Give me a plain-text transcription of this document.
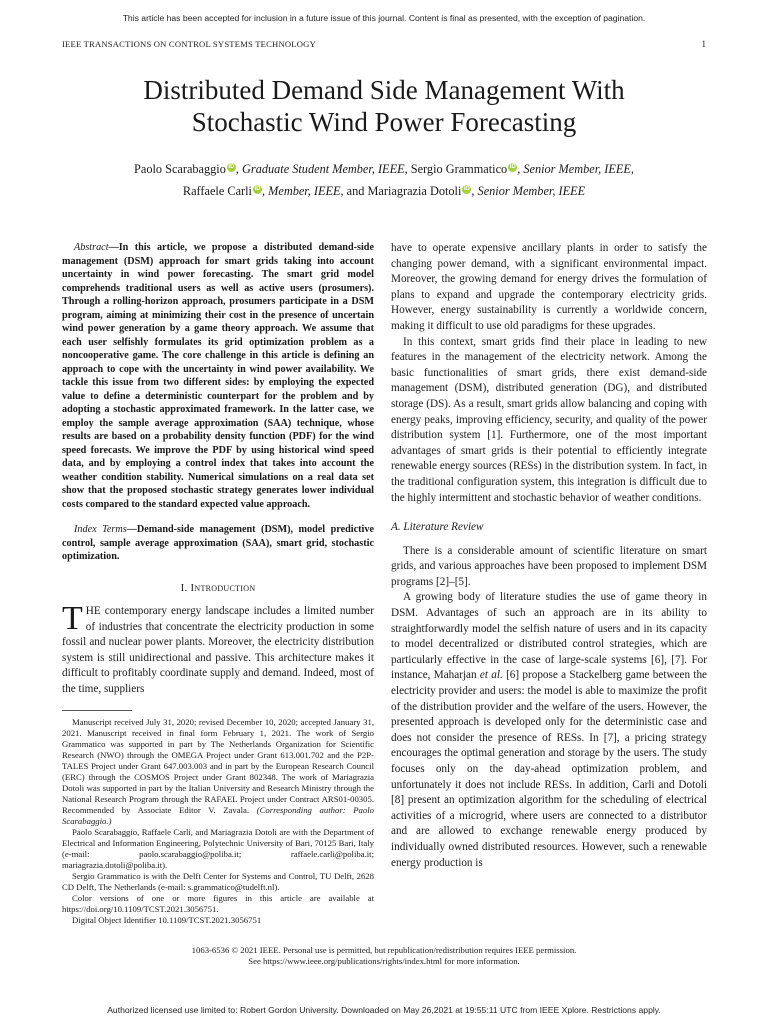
This article has been accepted for inclusion in a future issue of this journal. Content is final as presented, with the exception of pagination.
IEEE TRANSACTIONS ON CONTROL SYSTEMS TECHNOLOGY	1
Distributed Demand Side Management With
Stochastic Wind Power Forecasting
Paolo Scarabaggio iD , Graduate Student Member, IEEE, Sergio Grammatico iD , Senior Member, IEEE,
Raffaele Carli iD , Member, IEEE, and Mariagrazia Dotoli iD , Senior Member, IEEE

Abstract—In this article, we propose a distributed demand-side management (DSM) approach for smart grids taking into account uncertainty in wind power forecasting. The smart grid model comprehends traditional users as well as active users (prosumers). Through a rolling-horizon approach, prosumers participate in a DSM program, aiming at minimizing their cost in the presence of uncertain wind power generation by a game theory approach. We assume that each user selfishly formulates its grid optimization problem as a noncooperative game. The core challenge in this article is defining an approach to cope with the uncertainty in wind power availability. We tackle this issue from two different sides: by employing the expected value to define a deterministic counterpart for the problem and by adopting a stochastic approximated framework. In the latter case, we employ the sample average approximation (SAA) technique, whose results are based on a probability density function (PDF) for the wind speed forecasts. We improve the PDF by using historical wind speed data, and by employing a control index that takes into account the weather condition stability. Numerical simulations on a real data set show that the proposed stochastic strategy generates lower individual costs compared to the standard expected value approach.

Index Terms—Demand-side management (DSM), model predictive control, sample average approximation (SAA), smart grid, stochastic optimization.

I. Introduction

THE contemporary energy landscape includes a limited number of industries that concentrate the electricity production in some fossil and nuclear power plants. Moreover, the electricity distribution system is still unidirectional and passive. This architecture makes it difficult to profitably coordinate supply and demand. Indeed, most of the time, suppliers

Manuscript received July 31, 2020; revised December 10, 2020; accepted January 31, 2021. Manuscript received in final form February 1, 2021. The work of Sergio Grammatico was supported in part by The Netherlands Organization for Scientific Research (NWO) through the OMEGA Project under Grant 613.001.702 and the P2P-TALES Project under Grant 647.003.003 and in part by the European Research Council (ERC) through the COSMOS Project under Grant 802348. The work of Mariagrazia Dotoli was supported in part by the Italian University and Research Ministry through the National Research Program through the RAFAEL Project under Contract ARS01-00305. Recommended by Associate Editor V. Zavala. (Corresponding author: Paolo Scarabaggio.)

Paolo Scarabaggio, Raffaele Carli, and Mariagrazia Dotoli are with the Department of Electrical and Information Engineering, Polytechnic University of Bari, 70125 Bari, Italy (e-mail: paolo.scarabaggio@poliba.it; raffaele.carli@poliba.it; mariagrazia.dotoli@poliba.it).

Sergio Grammatico is with the Delft Center for Systems and Control, TU Delft, 2628 CD Delft, The Netherlands (e-mail: s.grammatico@tudelft.nl).

Color versions of one or more figures in this article are available at https://doi.org/10.1109/TCST.2021.3056751.

Digital Object Identifier 10.1109/TCST.2021.3056751

have to operate expensive ancillary plants in order to satisfy the changing power demand, with a significant environmental impact. Moreover, the growing demand for energy drives the formulation of plans to expand and upgrade the contemporary electricity grids. However, energy sustainability is currently a worldwide concern, making it difficult to use old paradigms for these upgrades.

In this context, smart grids find their place in leading to new features in the management of the electricity network. Among the basic functionalities of smart grids, there exist demand-side management (DSM), distributed generation (DG), and distributed storage (DS). As a result, smart grids allow balancing and coping with energy peaks, improving efficiency, security, and quality of the power distribution system [1]. Furthermore, one of the most important advantages of smart grids is their potential to efficiently integrate renewable energy sources (RESs) in the distribution system. In fact, in the traditional configuration system, this integration is difficult due to the highly intermittent and stochastic behavior of weather conditions.

A. Literature Review

There is a considerable amount of scientific literature on smart grids, and various approaches have been proposed to implement DSM programs [2]–[5].

A growing body of literature studies the use of game theory in DSM. Advantages of such an approach are in its ability to straightforwardly model the selfish nature of users and in its capacity to model decentralized or distributed control strategies, which are particularly effective in the case of large-scale systems [6], [7]. For instance, Maharjan et al. [6] propose a Stackelberg game between the electricity provider and users: the model is able to maximize the profit of the distribution provider and the welfare of the users. However, the presented approach is developed only for the deterministic case and does not consider the presence of RESs. In [7], a pricing strategy encourages the optimal generation and storage by the users. The study focuses only on the day-ahead optimization problem, and unfortunately it does not include RESs. In addition, Carli and Dotoli [8] present an optimization algorithm for the scheduling of electrical activities of a microgrid, where users are connected to a distributor and are allowed to exchange renewable energy produced by individually owned distributed resources. However, such a renewable energy production is

1063-6536 © 2021 IEEE. Personal use is permitted, but republication/redistribution requires IEEE permission.
See https://www.ieee.org/publications/rights/index.html for more information.
Authorized licensed use limited to: Robert Gordon University. Downloaded on May 26,2021 at 19:55:11 UTC from IEEE Xplore. Restrictions apply.
